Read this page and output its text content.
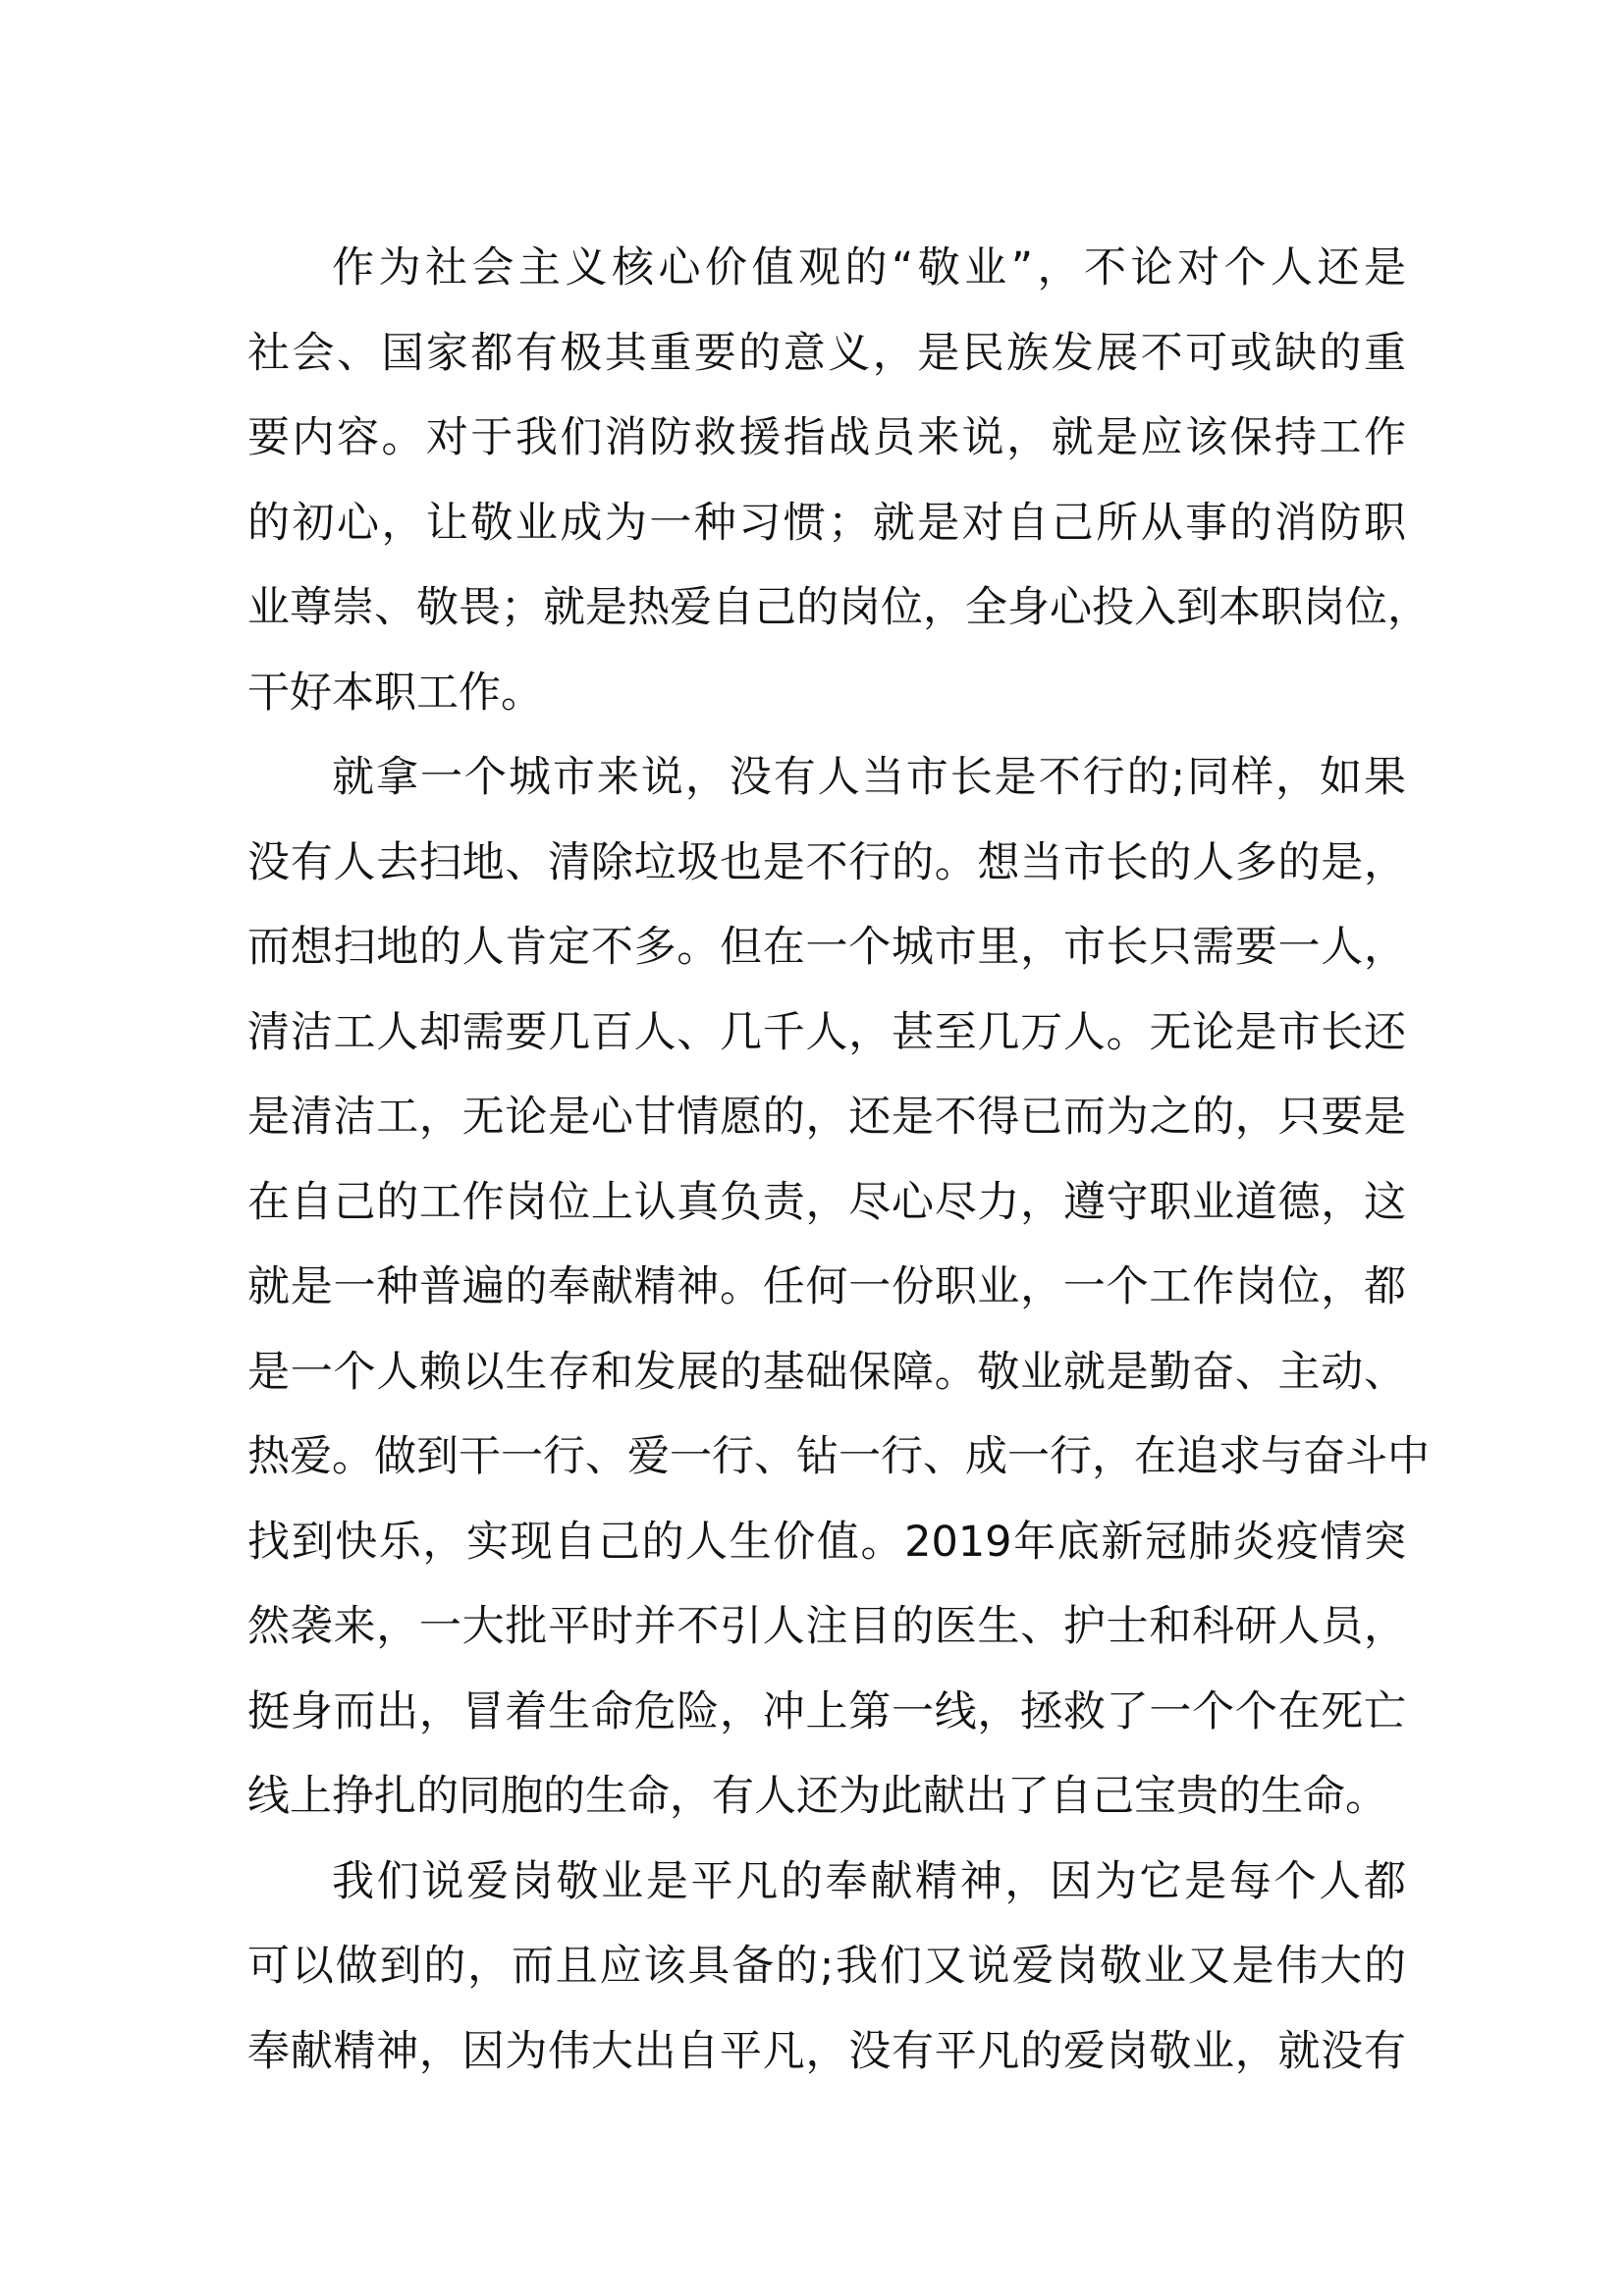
作为社会主义核心价值观的“敬业”，不论对个人还是
社会、国家都有极其重要的意义，是民族发展不可或缺的重
要内容。对于我们消防救援指战员来说，就是应该保持工作
的初心，让敬业成为一种习惯；就是对自己所从事的消防职
业尊崇、敬畏；就是热爱自己的岗位，全身心投入到本职岗位，
干好本职工作。
就拿一个城市来说，没有人当市长是不行的;同样，如果
没有人去扫地、清除垃圾也是不行的。想当市长的人多的是，
而想扫地的人肯定不多。但在一个城市里，市长只需要一人，
清洁工人却需要几百人、几千人，甚至几万人。无论是市长还
是清洁工，无论是心甘情愿的，还是不得已而为之的，只要是
在自己的工作岗位上认真负责，尽心尽力，遵守职业道德，这
就是一种普遍的奉献精神。任何一份职业，一个工作岗位，都
是一个人赖以生存和发展的基础保障。敬业就是勤奋、主动、
热爱。做到干一行、爱一行、钻一行、成一行，在追求与奋斗中
找到快乐，实现自己的人生价值。2019年底新冠肺炎疫情突
然袭来，一大批平时并不引人注目的医生、护士和科研人员，
挺身而出，冒着生命危险，冲上第一线，拯救了一个个在死亡
线上挣扎的同胞的生命，有人还为此献出了自己宝贵的生命。
我们说爱岗敬业是平凡的奉献精神，因为它是每个人都
可以做到的，而且应该具备的;我们又说爱岗敬业又是伟大的
奉献精神，因为伟大出自平凡，没有平凡的爱岗敬业，就没有
